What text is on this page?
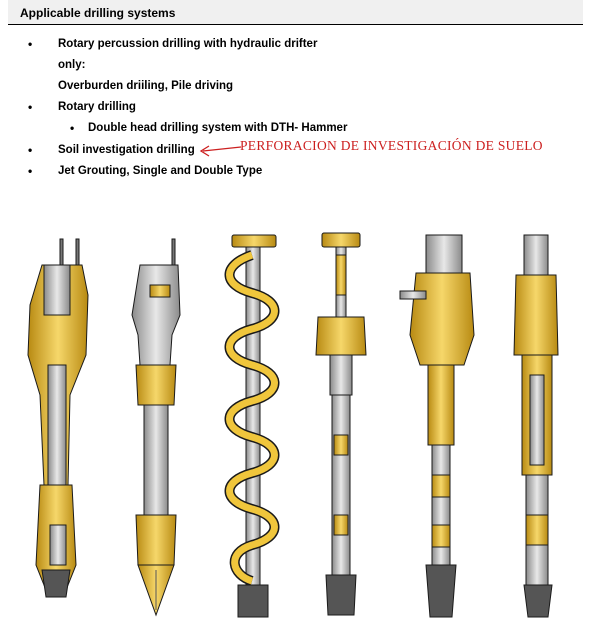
Applicable drilling systems
• Rotary percussion drilling with hydraulic drifter
only:
Overburden driiling, Pile driving
• Rotary drilling
• Double head drilling system with DTH- Hammer
• Soil investigation drilling
• Jet Grouting, Single and Double Type
PERFORACION DE INVESTIGACIÓN DE SUELO
